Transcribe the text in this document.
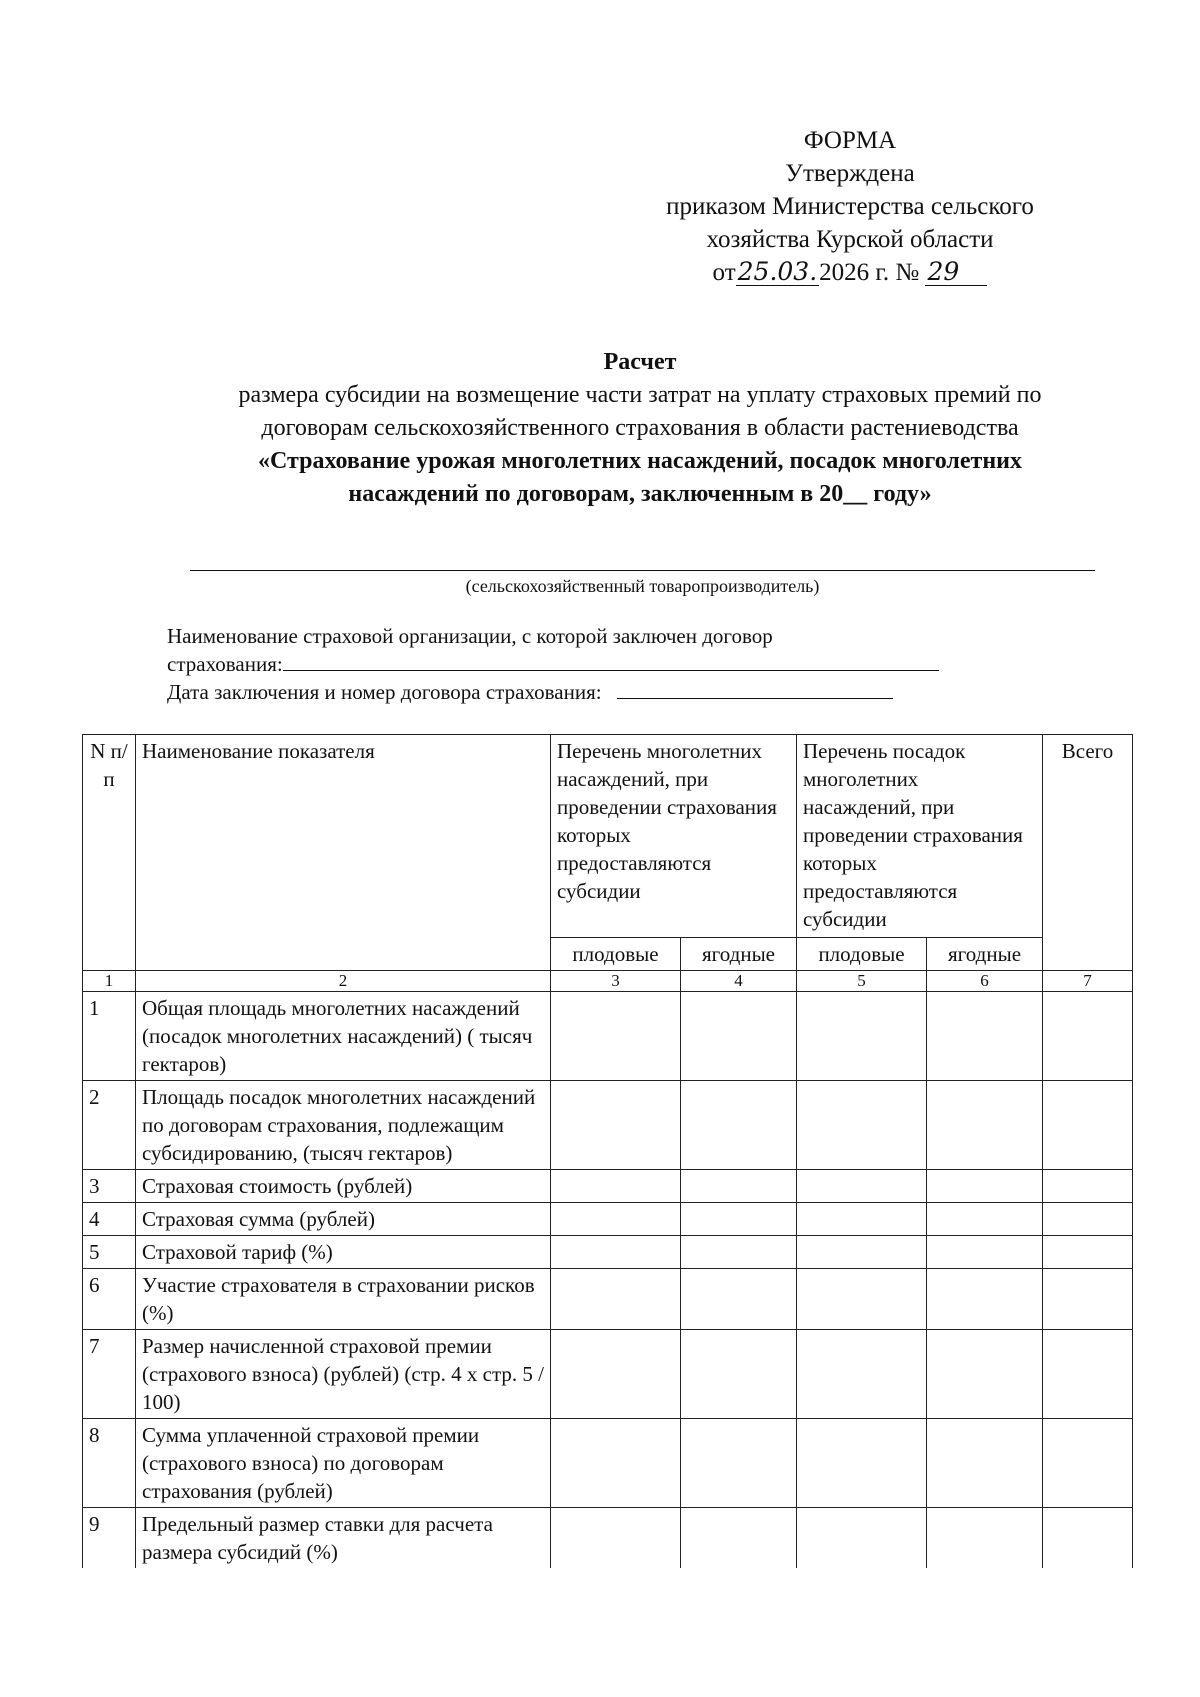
ФОРМА
Утверждена
приказом Министерства сельского
хозяйства Курской области
от25.03.2026 г. № 29
Расчет
размера субсидии на возмещение части затрат на уплату страховых премий по
договорам сельскохозяйственного страхования в области растениеводства
«Страхование урожая многолетних насаждений, посадок многолетних
насаждений по договорам, заключенным в 20__ году»
(сельскохозяйственный товаропроизводитель)
Наименование страховой организации, с которой заключен договор
страхования:
Дата заключения и номер договора страхования:
N п/п	Наименование показателя	Перечень многолетних насаждений, при проведении страхования которых предоставляются субсидии		Перечень посадок многолетних насаждений, при проведении страхования которых предоставляются субсидии		Всего
		плодовые	ягодные	плодовые	ягодные	
1	2	3	4	5	6	7
1	Общая площадь многолетних насаждений (посадок многолетних насаждений) ( тысяч гектаров)					
2	Площадь посадок многолетних насаждений по договорам страхования, подлежащим субсидированию, (тысяч гектаров)					
3	Страховая стоимость (рублей)					
4	Страховая сумма (рублей)					
5	Страховой тариф (%)					
6	Участие страхователя в страховании рисков (%)					
7	Размер начисленной страховой премии (страхового взноса) (рублей) (стр. 4 x стр. 5 / 100)					
8	Сумма уплаченной страховой премии (страхового взноса) по договорам страхования (рублей)					
9	Предельный размер ставки для расчета размера субсидий (%)					
